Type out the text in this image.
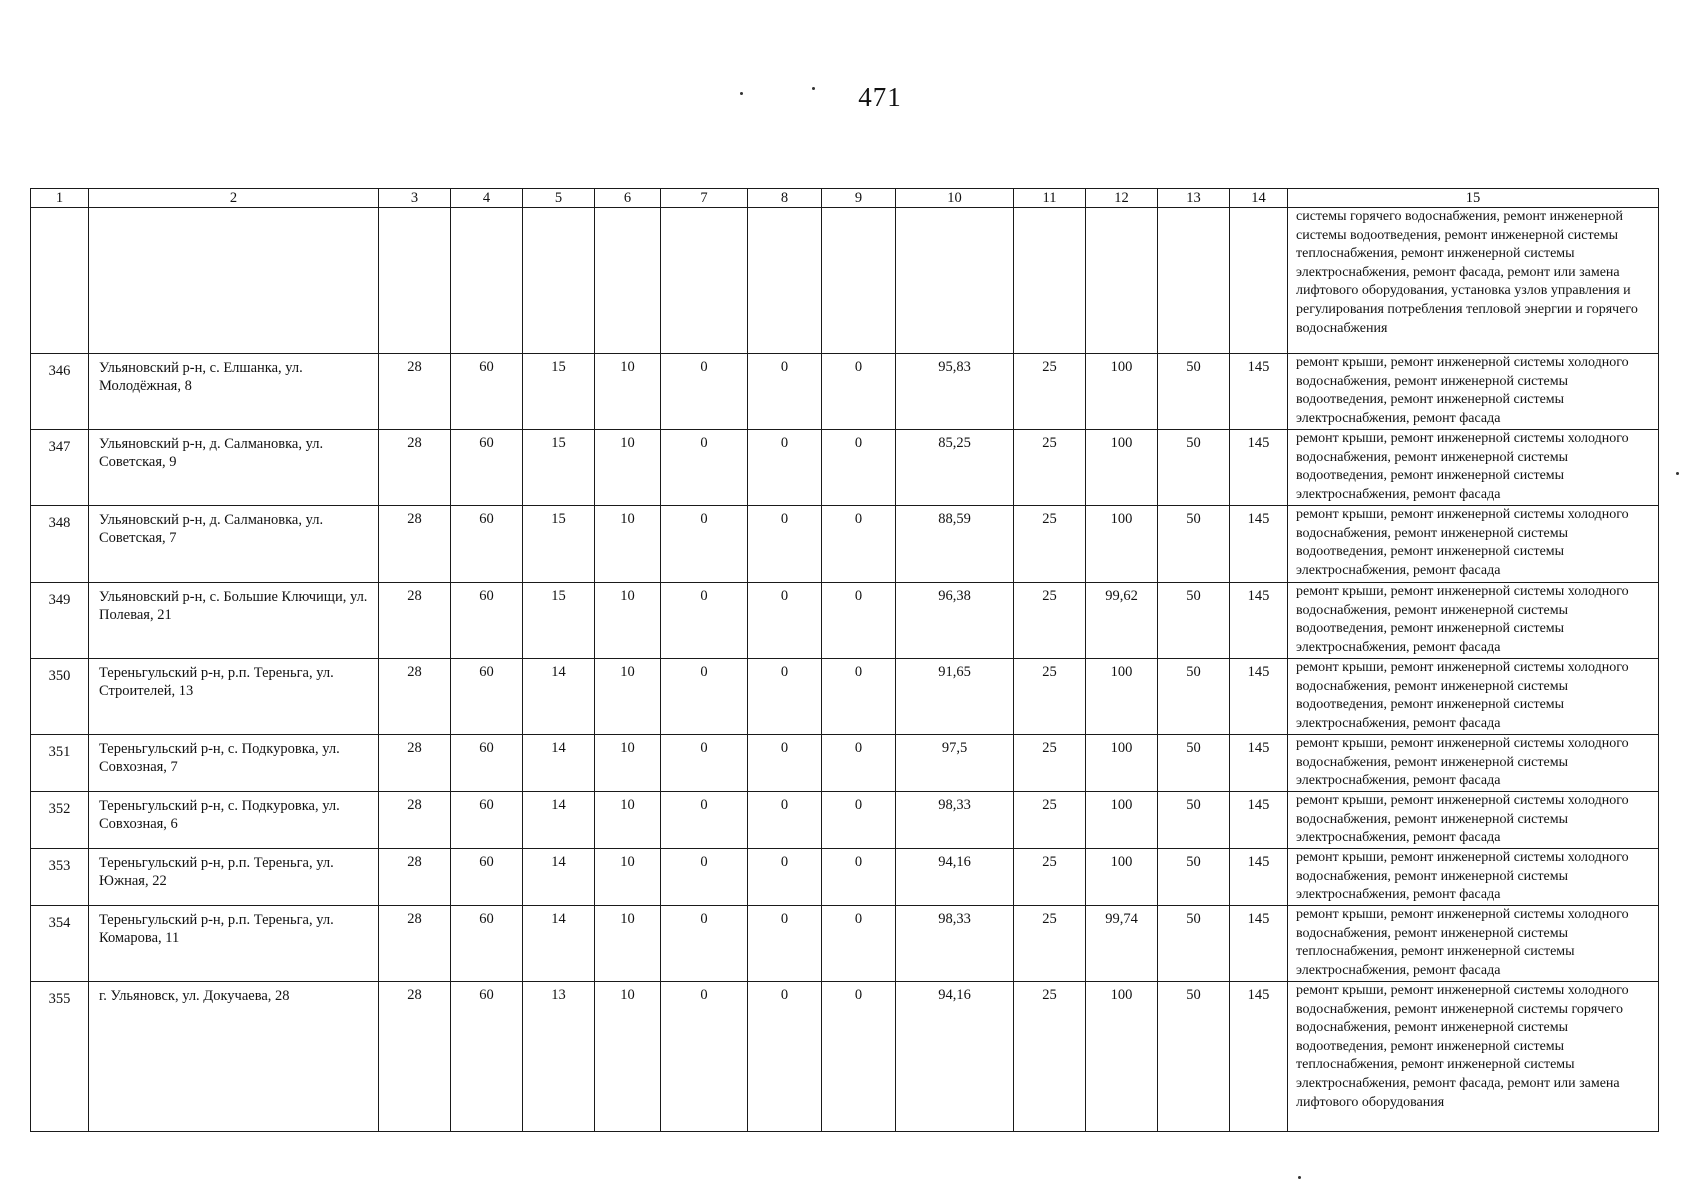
471
1	2	3	4	5	6	7	8	9	10	11	12	13	14	15
														системы горячего водоснабжения, ремонт инженерной системы водоотведения, ремонт инженерной системы теплоснабжения, ремонт инженерной системы электроснабжения, ремонт фасада, ремонт или замена лифтового оборудования, установка узлов управления и регулирования потребления тепловой энергии и горячего водоснабжения
346	Ульяновский р-н, с. Елшанка, ул. Молодёжная, 8	28	60	15	10	0	0	0	95,83	25	100	50	145	ремонт крыши, ремонт инженерной системы холодного водоснабжения, ремонт инженерной системы водоотведения, ремонт инженерной системы электроснабжения, ремонт фасада
347	Ульяновский р-н, д. Салмановка, ул. Советская, 9	28	60	15	10	0	0	0	85,25	25	100	50	145	ремонт крыши, ремонт инженерной системы холодного водоснабжения, ремонт инженерной системы водоотведения, ремонт инженерной системы электроснабжения, ремонт фасада
348	Ульяновский р-н, д. Салмановка, ул. Советская, 7	28	60	15	10	0	0	0	88,59	25	100	50	145	ремонт крыши, ремонт инженерной системы холодного водоснабжения, ремонт инженерной системы водоотведения, ремонт инженерной системы электроснабжения, ремонт фасада
349	Ульяновский р-н, с. Большие Ключищи, ул. Полевая, 21	28	60	15	10	0	0	0	96,38	25	99,62	50	145	ремонт крыши, ремонт инженерной системы холодного водоснабжения, ремонт инженерной системы водоотведения, ремонт инженерной системы электроснабжения, ремонт фасада
350	Тереньгульский р-н, р.п. Тереньга, ул. Строителей, 13	28	60	14	10	0	0	0	91,65	25	100	50	145	ремонт крыши, ремонт инженерной системы холодного водоснабжения, ремонт инженерной системы водоотведения, ремонт инженерной системы электроснабжения, ремонт фасада
351	Тереньгульский р-н, с. Подкуровка, ул. Совхозная, 7	28	60	14	10	0	0	0	97,5	25	100	50	145	ремонт крыши, ремонт инженерной системы холодного водоснабжения, ремонт инженерной системы электроснабжения, ремонт фасада
352	Тереньгульский р-н, с. Подкуровка, ул. Совхозная, 6	28	60	14	10	0	0	0	98,33	25	100	50	145	ремонт крыши, ремонт инженерной системы холодного водоснабжения, ремонт инженерной системы электроснабжения, ремонт фасада
353	Тереньгульский р-н, р.п. Тереньга, ул. Южная, 22	28	60	14	10	0	0	0	94,16	25	100	50	145	ремонт крыши, ремонт инженерной системы холодного водоснабжения, ремонт инженерной системы электроснабжения, ремонт фасада
354	Тереньгульский р-н, р.п. Тереньга, ул. Комарова, 11	28	60	14	10	0	0	0	98,33	25	99,74	50	145	ремонт крыши, ремонт инженерной системы холодного водоснабжения, ремонт инженерной системы теплоснабжения, ремонт инженерной системы электроснабжения, ремонт фасада
355	г. Ульяновск, ул. Докучаева, 28	28	60	13	10	0	0	0	94,16	25	100	50	145	ремонт крыши, ремонт инженерной системы холодного водоснабжения, ремонт инженерной системы горячего водоснабжения, ремонт инженерной системы водоотведения, ремонт инженерной системы теплоснабжения, ремонт инженерной системы электроснабжения, ремонт фасада, ремонт или замена лифтового оборудования
